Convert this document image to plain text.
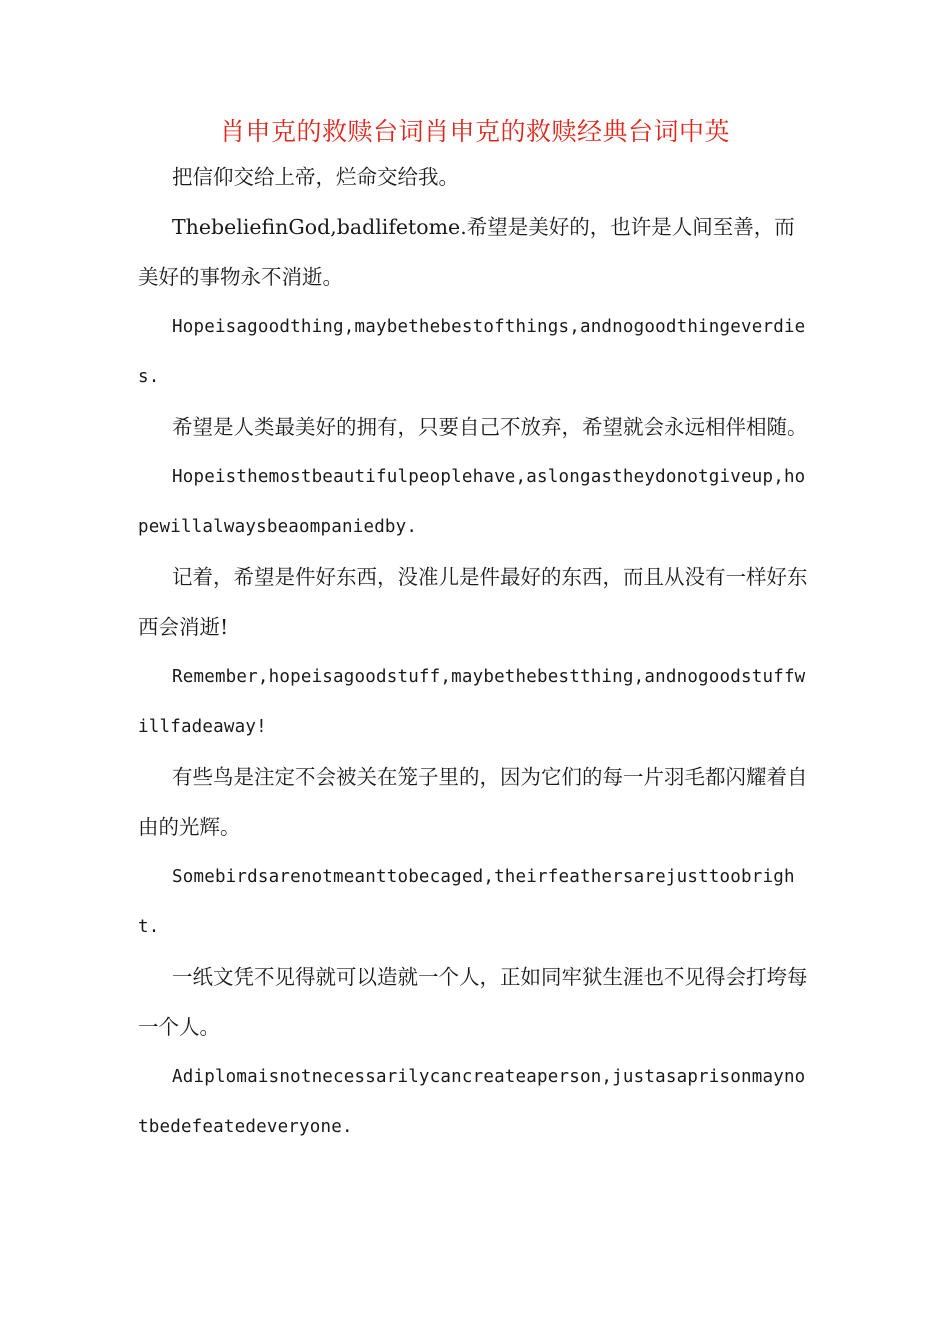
肖申克的救赎台词肖申克的救赎经典台词中英

把信仰交给上帝，烂命交给我。

ThebeliefinGod,badlifetome.希望是美好的，也许是人间至善，而美好的事物永不消逝。

Hopeisagoodthing,maybethebestofthings,andnogoodthingeverdies.

希望是人类最美好的拥有，只要自己不放弃，希望就会永远相伴相随。

Hopeisthemostbeautifulpeoplehave,aslongastheydonotgiveup,hopewillalwaysbeaompaniedby.

记着，希望是件好东西，没准儿是件最好的东西，而且从没有一样好东西会消逝!

Remember,hopeisagoodstuff,maybethebestthing,andnogoodstuffwillfadeaway!

有些鸟是注定不会被关在笼子里的，因为它们的每一片羽毛都闪耀着自由的光辉。

Somebirdsarenotmeanttobecaged,theirfeathersarejusttoobright.

一纸文凭不见得就可以造就一个人，正如同牢狱生涯也不见得会打垮每一个人。

Adiplomaisnotnecessarilycancreateaperson,justasaprisonmaynotbedefeatedeveryone.
